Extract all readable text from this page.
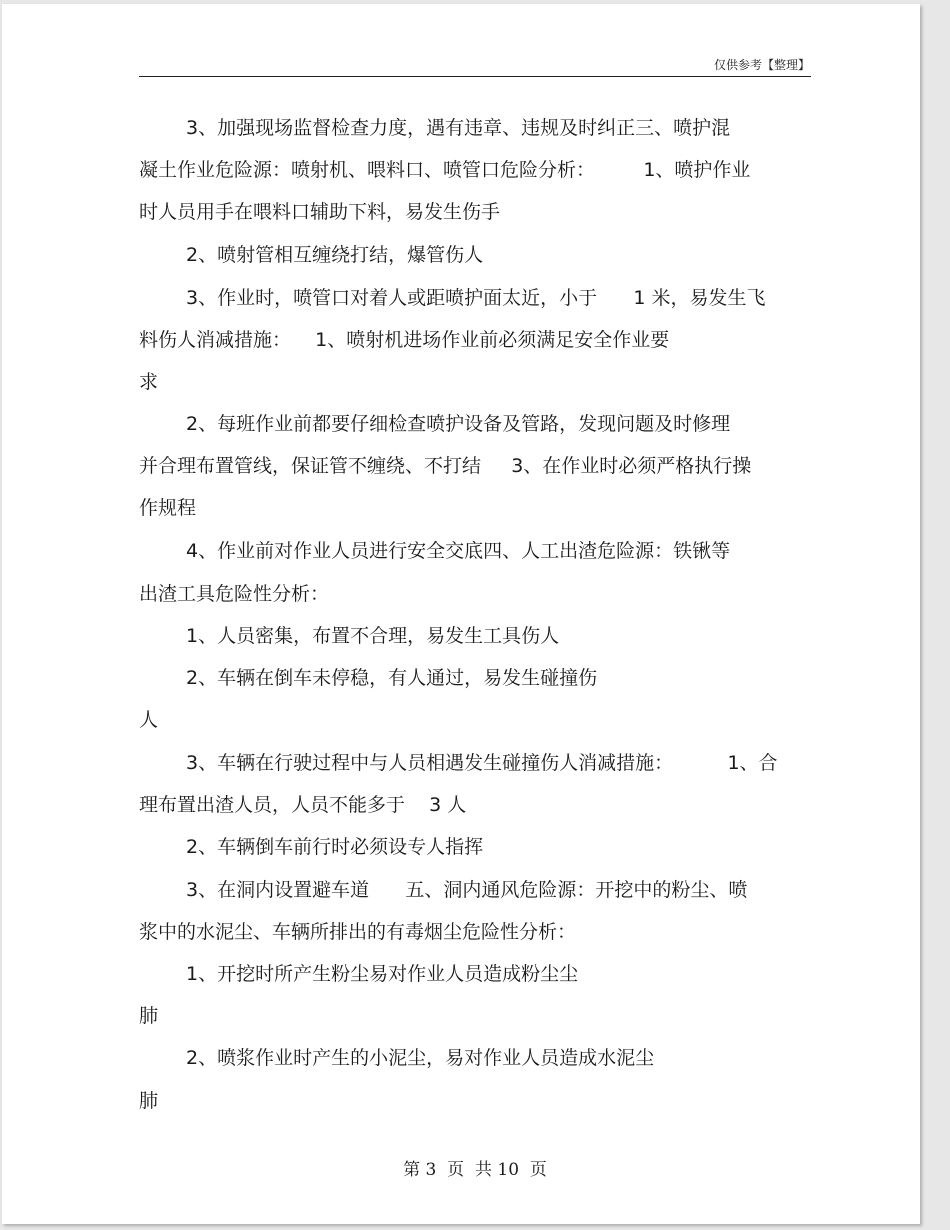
仅供参考【整理】
3、加强现场监督检查力度，遇有违章、违规及时纠正三、喷护混
凝土作业危险源：喷射机、喂料口、喷管口危险分析：        1、喷护作业
时人员用手在喂料口辅助下料，易发生伤手
2、喷射管相互缠绕打结，爆管伤人
3、作业时，喷管口对着人或距喷护面太近，小于      1 米，易发生飞
料伤人消减措施：    1、喷射机进场作业前必须满足安全作业要
求
2、每班作业前都要仔细检查喷护设备及管路，发现问题及时修理
并合理布置管线，保证管不缠绕、不打结     3、在作业时必须严格执行操
作规程
4、作业前对作业人员进行安全交底四、人工出渣危险源：铁锹等
出渣工具危险性分析：
1、人员密集，布置不合理，易发生工具伤人
2、车辆在倒车未停稳，有人通过，易发生碰撞伤
人
3、车辆在行驶过程中与人员相遇发生碰撞伤人消减措施：         1、合
理布置出渣人员，人员不能多于    3 人
2、车辆倒车前行时必须设专人指挥
3、在洞内设置避车道      五、洞内通风危险源：开挖中的粉尘、喷
浆中的水泥尘、车辆所排出的有毒烟尘危险性分析：
1、开挖时所产生粉尘易对作业人员造成粉尘尘
肺
2、喷浆作业时产生的小泥尘，易对作业人员造成水泥尘
肺
第 3  页  共 10  页
